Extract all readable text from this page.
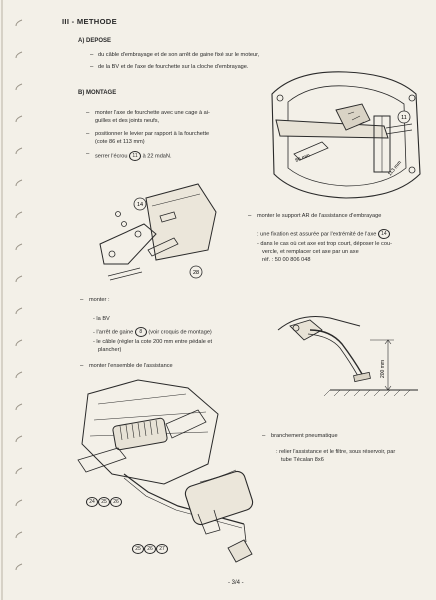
III - METHODE
A) DEPOSE
– du câble d'embrayage et de son arrêt de gaine fixé sur le moteur,
– de la BV et de l'axe de fourchette sur la cloche d'embrayage.
B) MONTAGE
– monter l'axe de fourchette avec une cage à ai-
guilles et des joints neufs,
– positionner le levier par rapport à la fourchette
(cote 86 et 113 mm)
– serrer l'écrou 11 à 22 mdaN.
11
86 mm
113 mm
14
28
– monter le support AR de l'assistance d'embrayage
: une fixation est assurée par l'extrémité de l'axe 14
- dans le cas où cet axe est trop court, déposer le cou-
vercle, et remplacer cet axe par un axe
réf. : 50 00 806 048
– monter :
- la BV
- l'arrêt de gaine 8 (voir croquis de montage)
- le câble (régler la cote 200 mm entre pédale et
plancher)
– monter l'ensemble de l'assistance	200 mm
24 25 26
25 26 27
– branchement pneumatique
: relier l'assistance et le filtre, sous réservoir, par
tube Técalan 8x6
- 3/4 -
